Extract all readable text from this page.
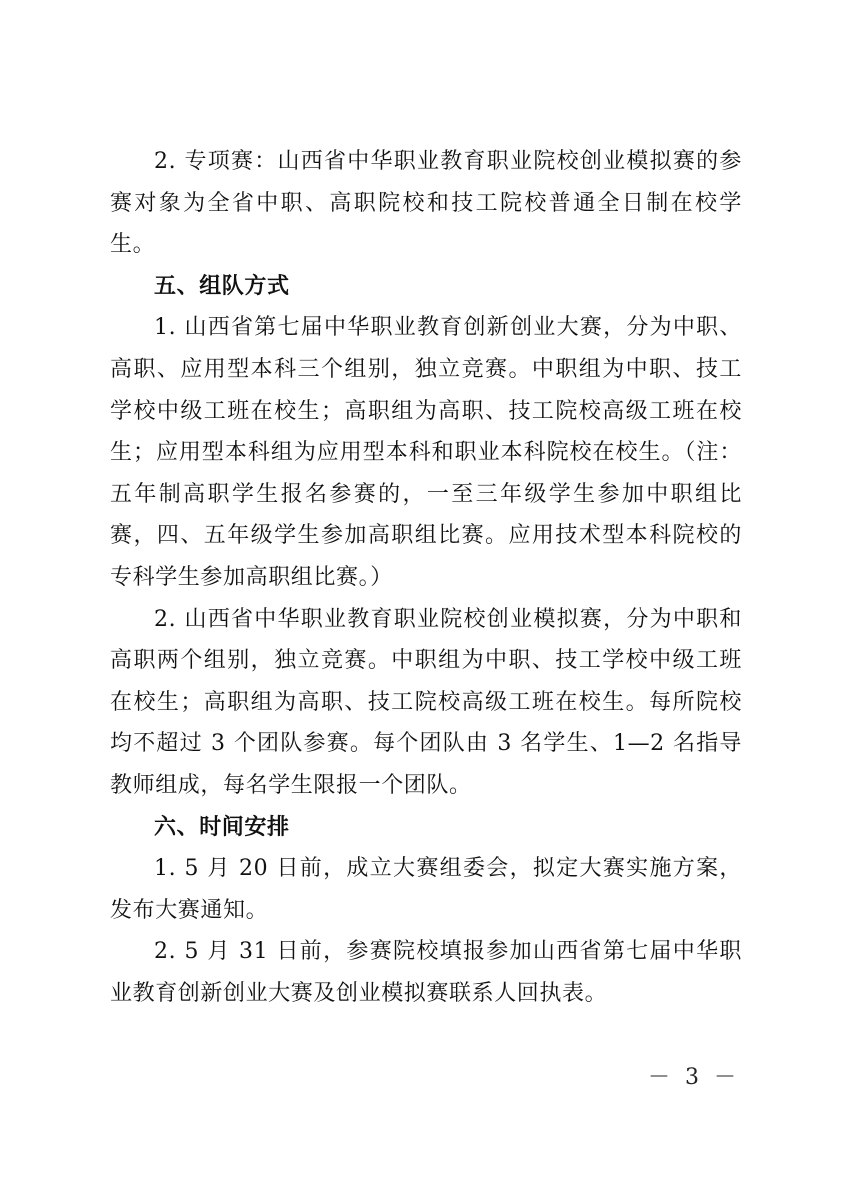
2. 专项赛：山西省中华职业教育职业院校创业模拟赛的参赛对象为全省中职、高职院校和技工院校普通全日制在校学生。

五、组队方式

1. 山西省第七届中华职业教育创新创业大赛，分为中职、高职、应用型本科三个组别，独立竞赛。中职组为中职、技工学校中级工班在校生；高职组为高职、技工院校高级工班在校生；应用型本科组为应用型本科和职业本科院校在校生。（注：五年制高职学生报名参赛的，一至三年级学生参加中职组比赛，四、五年级学生参加高职组比赛。应用技术型本科院校的专科学生参加高职组比赛。）

2. 山西省中华职业教育职业院校创业模拟赛，分为中职和高职两个组别，独立竞赛。中职组为中职、技工学校中级工班在校生；高职组为高职、技工院校高级工班在校生。每所院校均不超过 3 个团队参赛。每个团队由 3 名学生、1—2 名指导教师组成，每名学生限报一个团队。

六、时间安排

1. 5 月 20 日前，成立大赛组委会，拟定大赛实施方案，发布大赛通知。

2. 5 月 31 日前，参赛院校填报参加山西省第七届中华职业教育创新创业大赛及创业模拟赛联系人回执表。

－ 3 －
